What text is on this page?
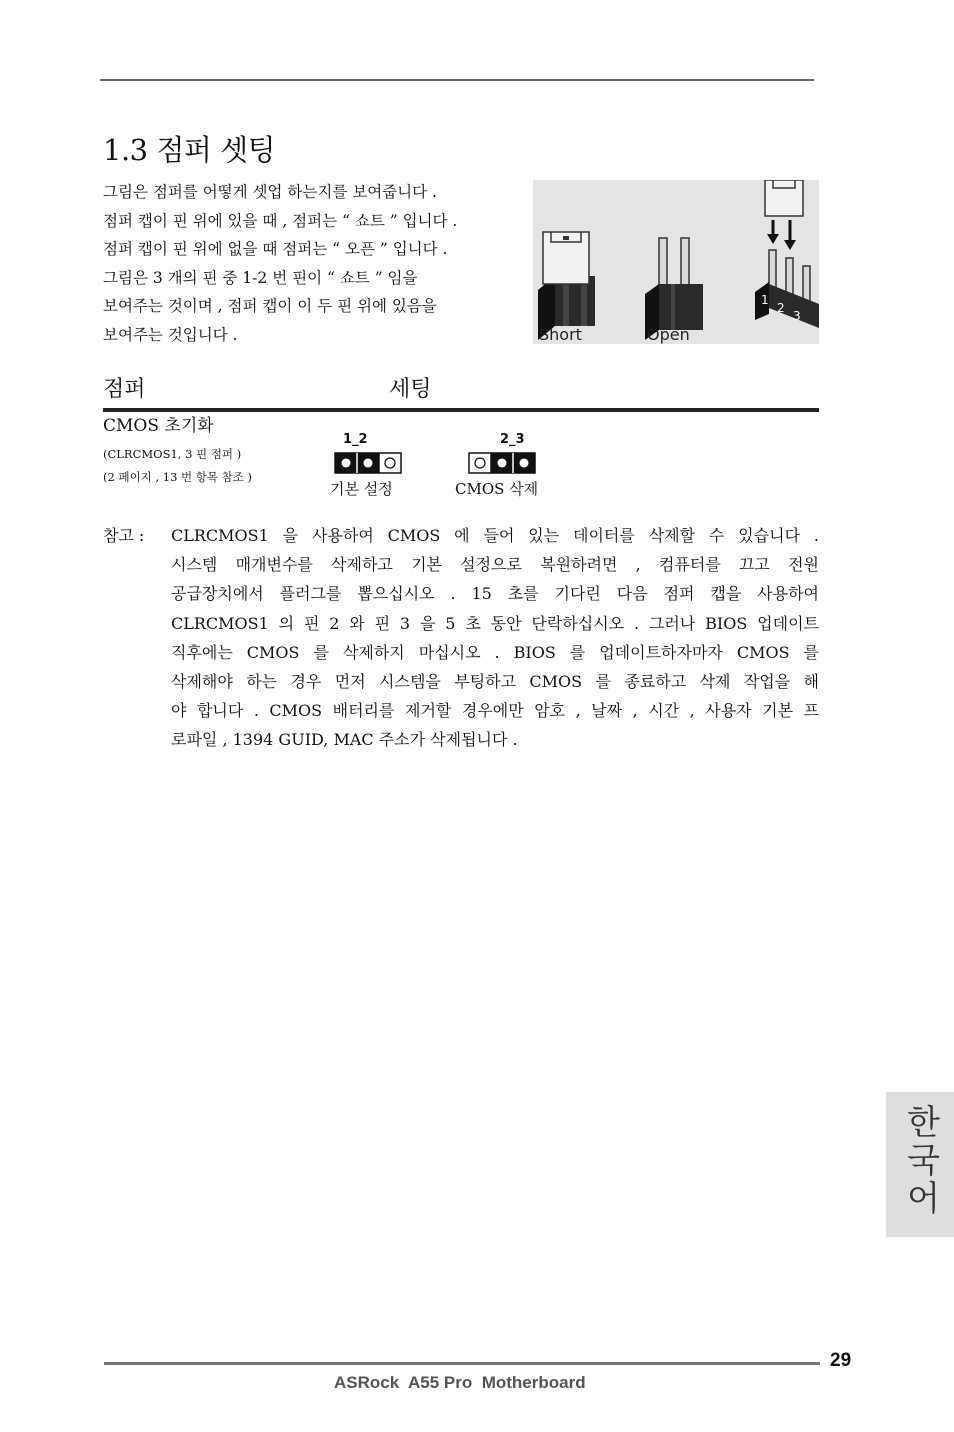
1.3 점퍼 셋팅
그림은 점퍼를 어떻게 셋업 하는지를 보여줍니다 .
점퍼 캡이 핀 위에 있을 때 , 점퍼는 “ 쇼트 ” 입니다 .
점퍼 캡이 핀 위에 없을 때 점퍼는 “ 오픈 ” 입니다 .
그림은 3 개의 핀 중 1-2 번 핀이 “ 쇼트 ” 임을
보여주는 것이며 , 점퍼 캡이 이 두 핀 위에 있음을
보여주는 것입니다 .
1
2
3
Short	Open
점퍼	세팅
CMOS 초기화
(CLRCMOS1, 3 핀 점퍼 )
(2 페이지 , 13 번 항목 참조 )
1_2
기본 설정
2_3
CMOS 삭제
참고 : CLRCMOS1 을 사용하여 CMOS 에 들어 있는 데이터를 삭제할 수 있습니다 .
시스템 매개변수를 삭제하고 기본 설정으로 복원하려면 , 컴퓨터를 끄고 전원
공급장치에서 플러그를 뽑으십시오 . 15 초를 기다린 다음 점퍼 캡을 사용하여
CLRCMOS1 의 핀 2 와 핀 3 을 5 초 동안 단락하십시오 . 그러나 BIOS 업데이트
직후에는 CMOS 를 삭제하지 마십시오 . BIOS 를 업데이트하자마자 CMOS 를
삭제해야 하는 경우 먼저 시스템을 부팅하고 CMOS 를 종료하고 삭제 작업을 해
야 합니다 . CMOS 배터리를 제거할 경우에만 암호 , 날짜 , 시간 , 사용자 기본 프
로파일 , 1394 GUID, MAC 주소가 삭제됩니다 .
한국어
29
ASRock  A55 Pro  Motherboard
